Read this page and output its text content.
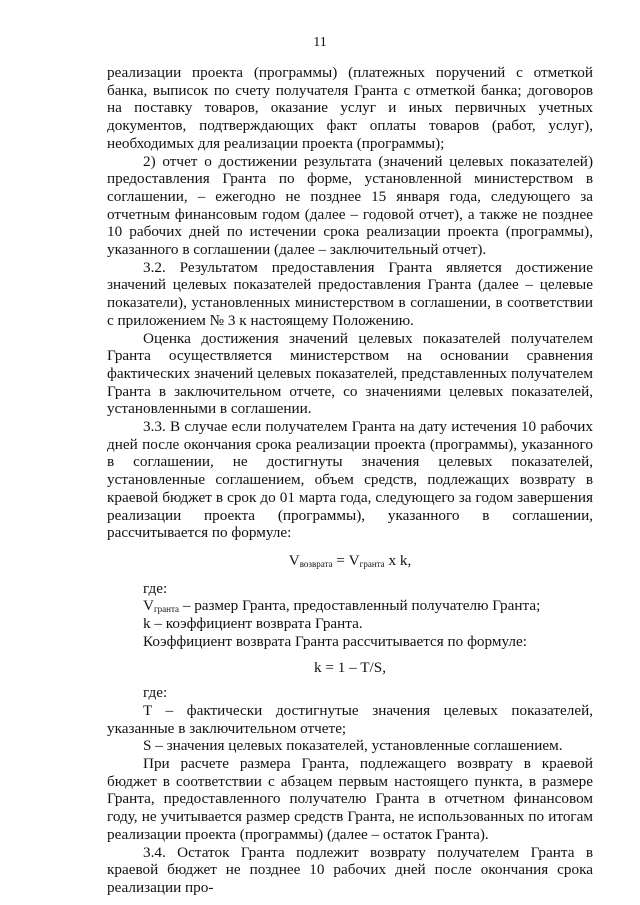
11

реализации проекта (программы) (платежных поручений с отметкой банка, выписок по счету получателя Гранта с отметкой банка; договоров на поставку товаров, оказание услуг и иных первичных учетных документов, подтверждающих факт оплаты товаров (работ, услуг), необходимых для реализации проекта (программы);

2) отчет о достижении результата (значений целевых показателей) предоставления Гранта по форме, установленной министерством в соглашении, – ежегодно не позднее 15 января года, следующего за отчетным финансовым годом (далее – годовой отчет), а также не позднее 10 рабочих дней по истечении срока реализации проекта (программы), указанного в соглашении (далее – заключительный отчет).

3.2. Результатом предоставления Гранта является достижение значений целевых показателей предоставления Гранта (далее – целевые показатели), установленных министерством в соглашении, в соответствии с приложением № 3 к настоящему Положению.

Оценка достижения значений целевых показателей получателем Гранта осуществляется министерством на основании сравнения фактических значений целевых показателей, представленных получателем Гранта в заключительном отчете, со значениями целевых показателей, установленными в соглашении.

3.3. В случае если получателем Гранта на дату истечения 10 рабочих дней после окончания срока реализации проекта (программы), указанного в соглашении, не достигнуты значения целевых показателей, установленные соглашением, объем средств, подлежащих возврату в краевой бюджет в срок до 01 марта года, следующего за годом завершения реализации проекта (программы), указанного в соглашении, рассчитывается по формуле:

$V_{возврата} = V_{гранта}$ х k,

где:

$V_{гранта}$ – размер Гранта, предоставленный получателю Гранта;

k – коэффициент возврата Гранта.

Коэффициент возврата Гранта рассчитывается по формуле:

k = 1 – T/S,

где:

T – фактически достигнутые значения целевых показателей, указанные в заключительном отчете;

S – значения целевых показателей, установленные соглашением.

При расчете размера Гранта, подлежащего возврату в краевой бюджет в соответствии с абзацем первым настоящего пункта, в размере Гранта, предоставленного получателю Гранта в отчетном финансовом году, не учитывается размер средств Гранта, не использованных по итогам реализации проекта (программы) (далее – остаток Гранта).

3.4. Остаток Гранта подлежит возврату получателем Гранта в краевой бюджет не позднее 10 рабочих дней после окончания срока реализации про-
